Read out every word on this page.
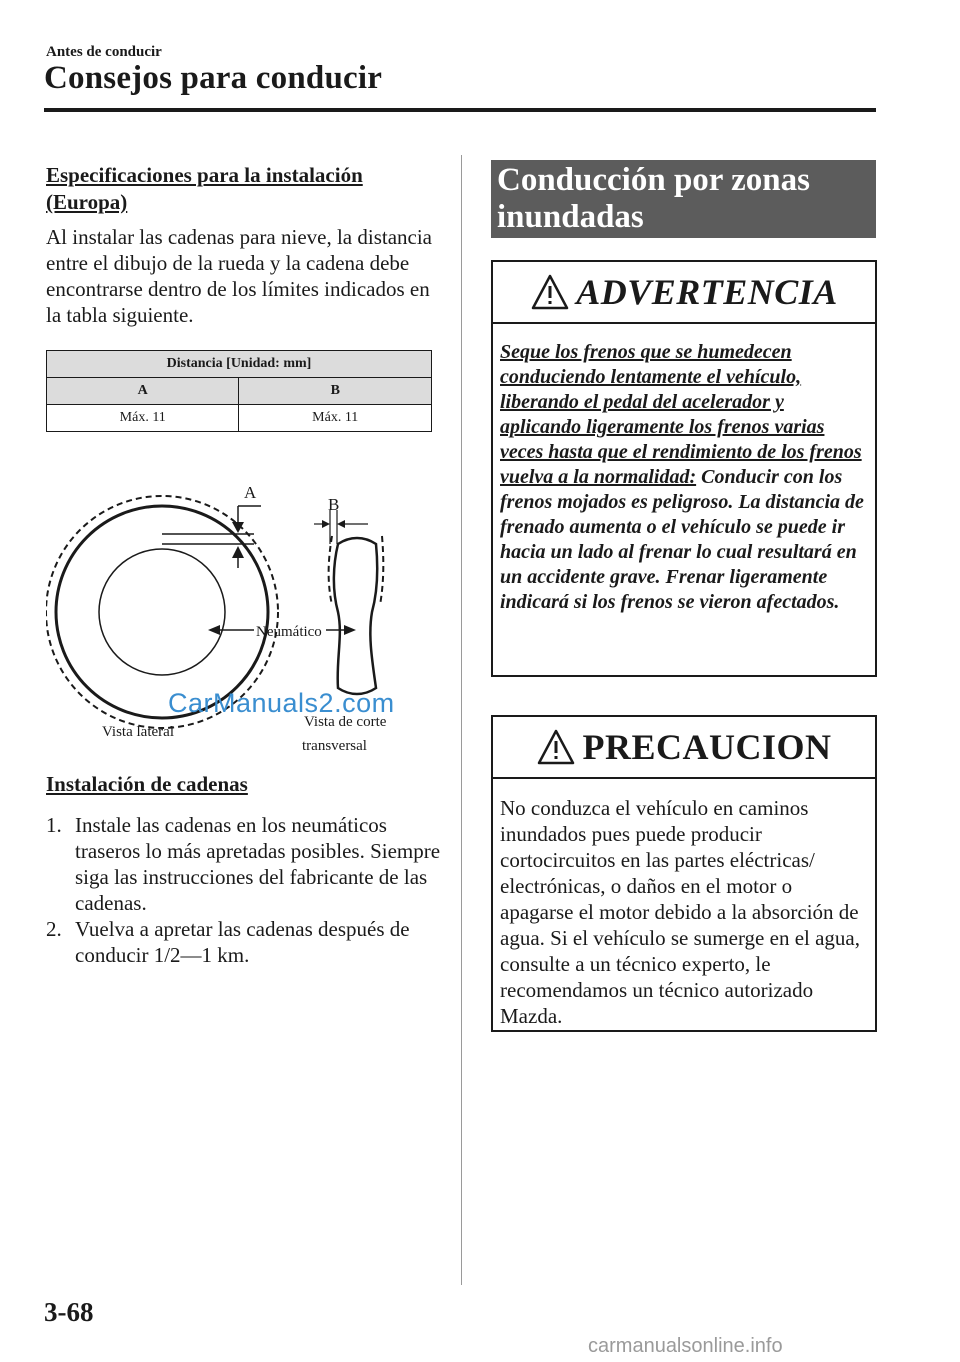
Antes de conducir
Consejos para conducir
Especificaciones para la instalación (Europa)

Al instalar las cadenas para nieve, la distancia entre el dibujo de la rueda y la cadena debe encontrarse dentro de los límites indicados en la tabla siguiente.

Distancia [Unidad: mm]	
A	B
Máx. 11	Máx. 11
A
B
Neumático
Vista lateral
Vista de corte
transversal
CarManuals2.com
Instalación de cadenas
1. Instale las cadenas en los neumáticos traseros lo más apretadas posibles. Siempre siga las instrucciones del fabricante de las cadenas.
2. Vuelva a apretar las cadenas después de conducir 1/2—1 km.
Conducción por zonas inundadas
ADVERTENCIA

Seque los frenos que se humedecen conduciendo lentamente el vehículo, liberando el pedal del acelerador y aplicando ligeramente los frenos varias veces hasta que el rendimiento de los frenos vuelva a la normalidad: Conducir con los frenos mojados es peligroso. La distancia de frenado aumenta o el vehículo se puede ir hacia un lado al frenar lo cual resultará en un accidente grave. Frenar ligeramente indicará si los frenos se vieron afectados.

PRECAUCION

No conduzca el vehículo en caminos inundados pues puede producir cortocircuitos en las partes eléctricas/ electrónicas, o daños en el motor o apagarse el motor debido a la absorción de agua. Si el vehículo se sumerge en el agua, consulte a un técnico experto, le recomendamos un técnico autorizado Mazda.

3-68
carmanualsonline.info
